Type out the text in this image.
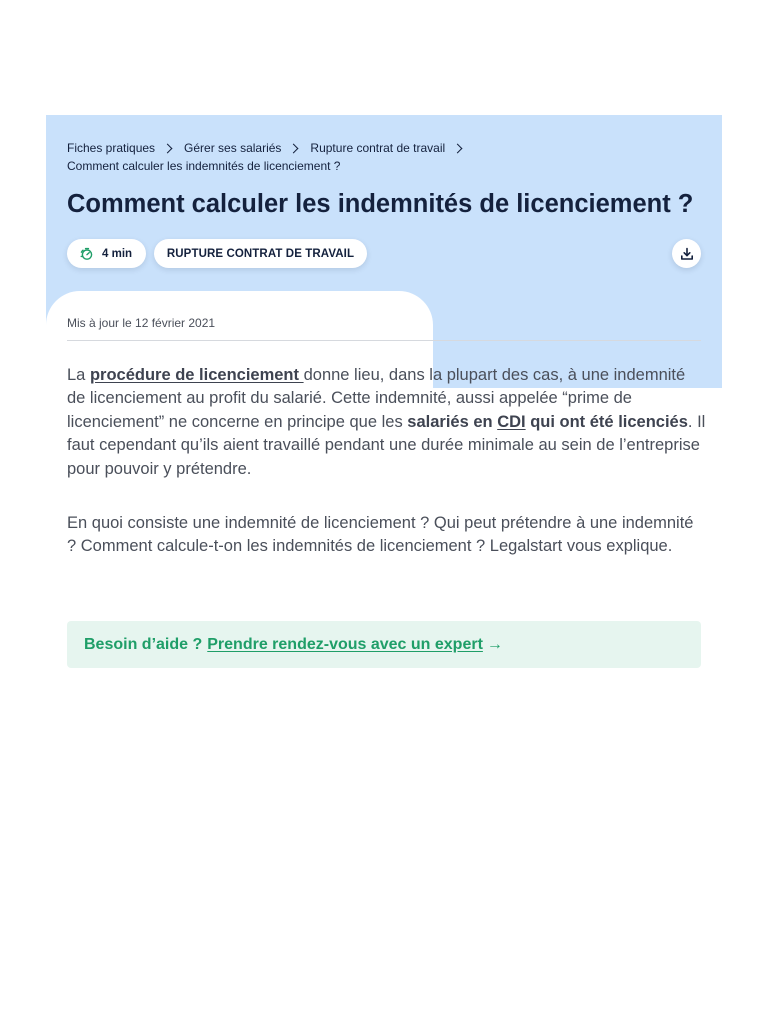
Fiches pratiques Gérer ses salariés Rupture contrat de travail
Comment calculer les indemnités de licenciement ?
Comment calculer les indemnités de licenciement ?
4 min	RUPTURE CONTRAT DE TRAVAIL

Mis à jour le 12 février 2021

La procédure de licenciement donne lieu, dans la plupart des cas, à une indemnité de licenciement au profit du salarié. Cette indemnité, aussi appelée “prime de licenciement” ne concerne en principe que les salariés en CDI qui ont été licenciés. Il faut cependant qu’ils aient travaillé pendant une durée minimale au sein de l’entreprise pour pouvoir y prétendre.

En quoi consiste une indemnité de licenciement ? Qui peut prétendre à une indemnité ? Comment calcule-t-on les indemnités de licenciement ? Legalstart vous explique.

Besoin d’aide ? Prendre rendez-vous avec un expert →
